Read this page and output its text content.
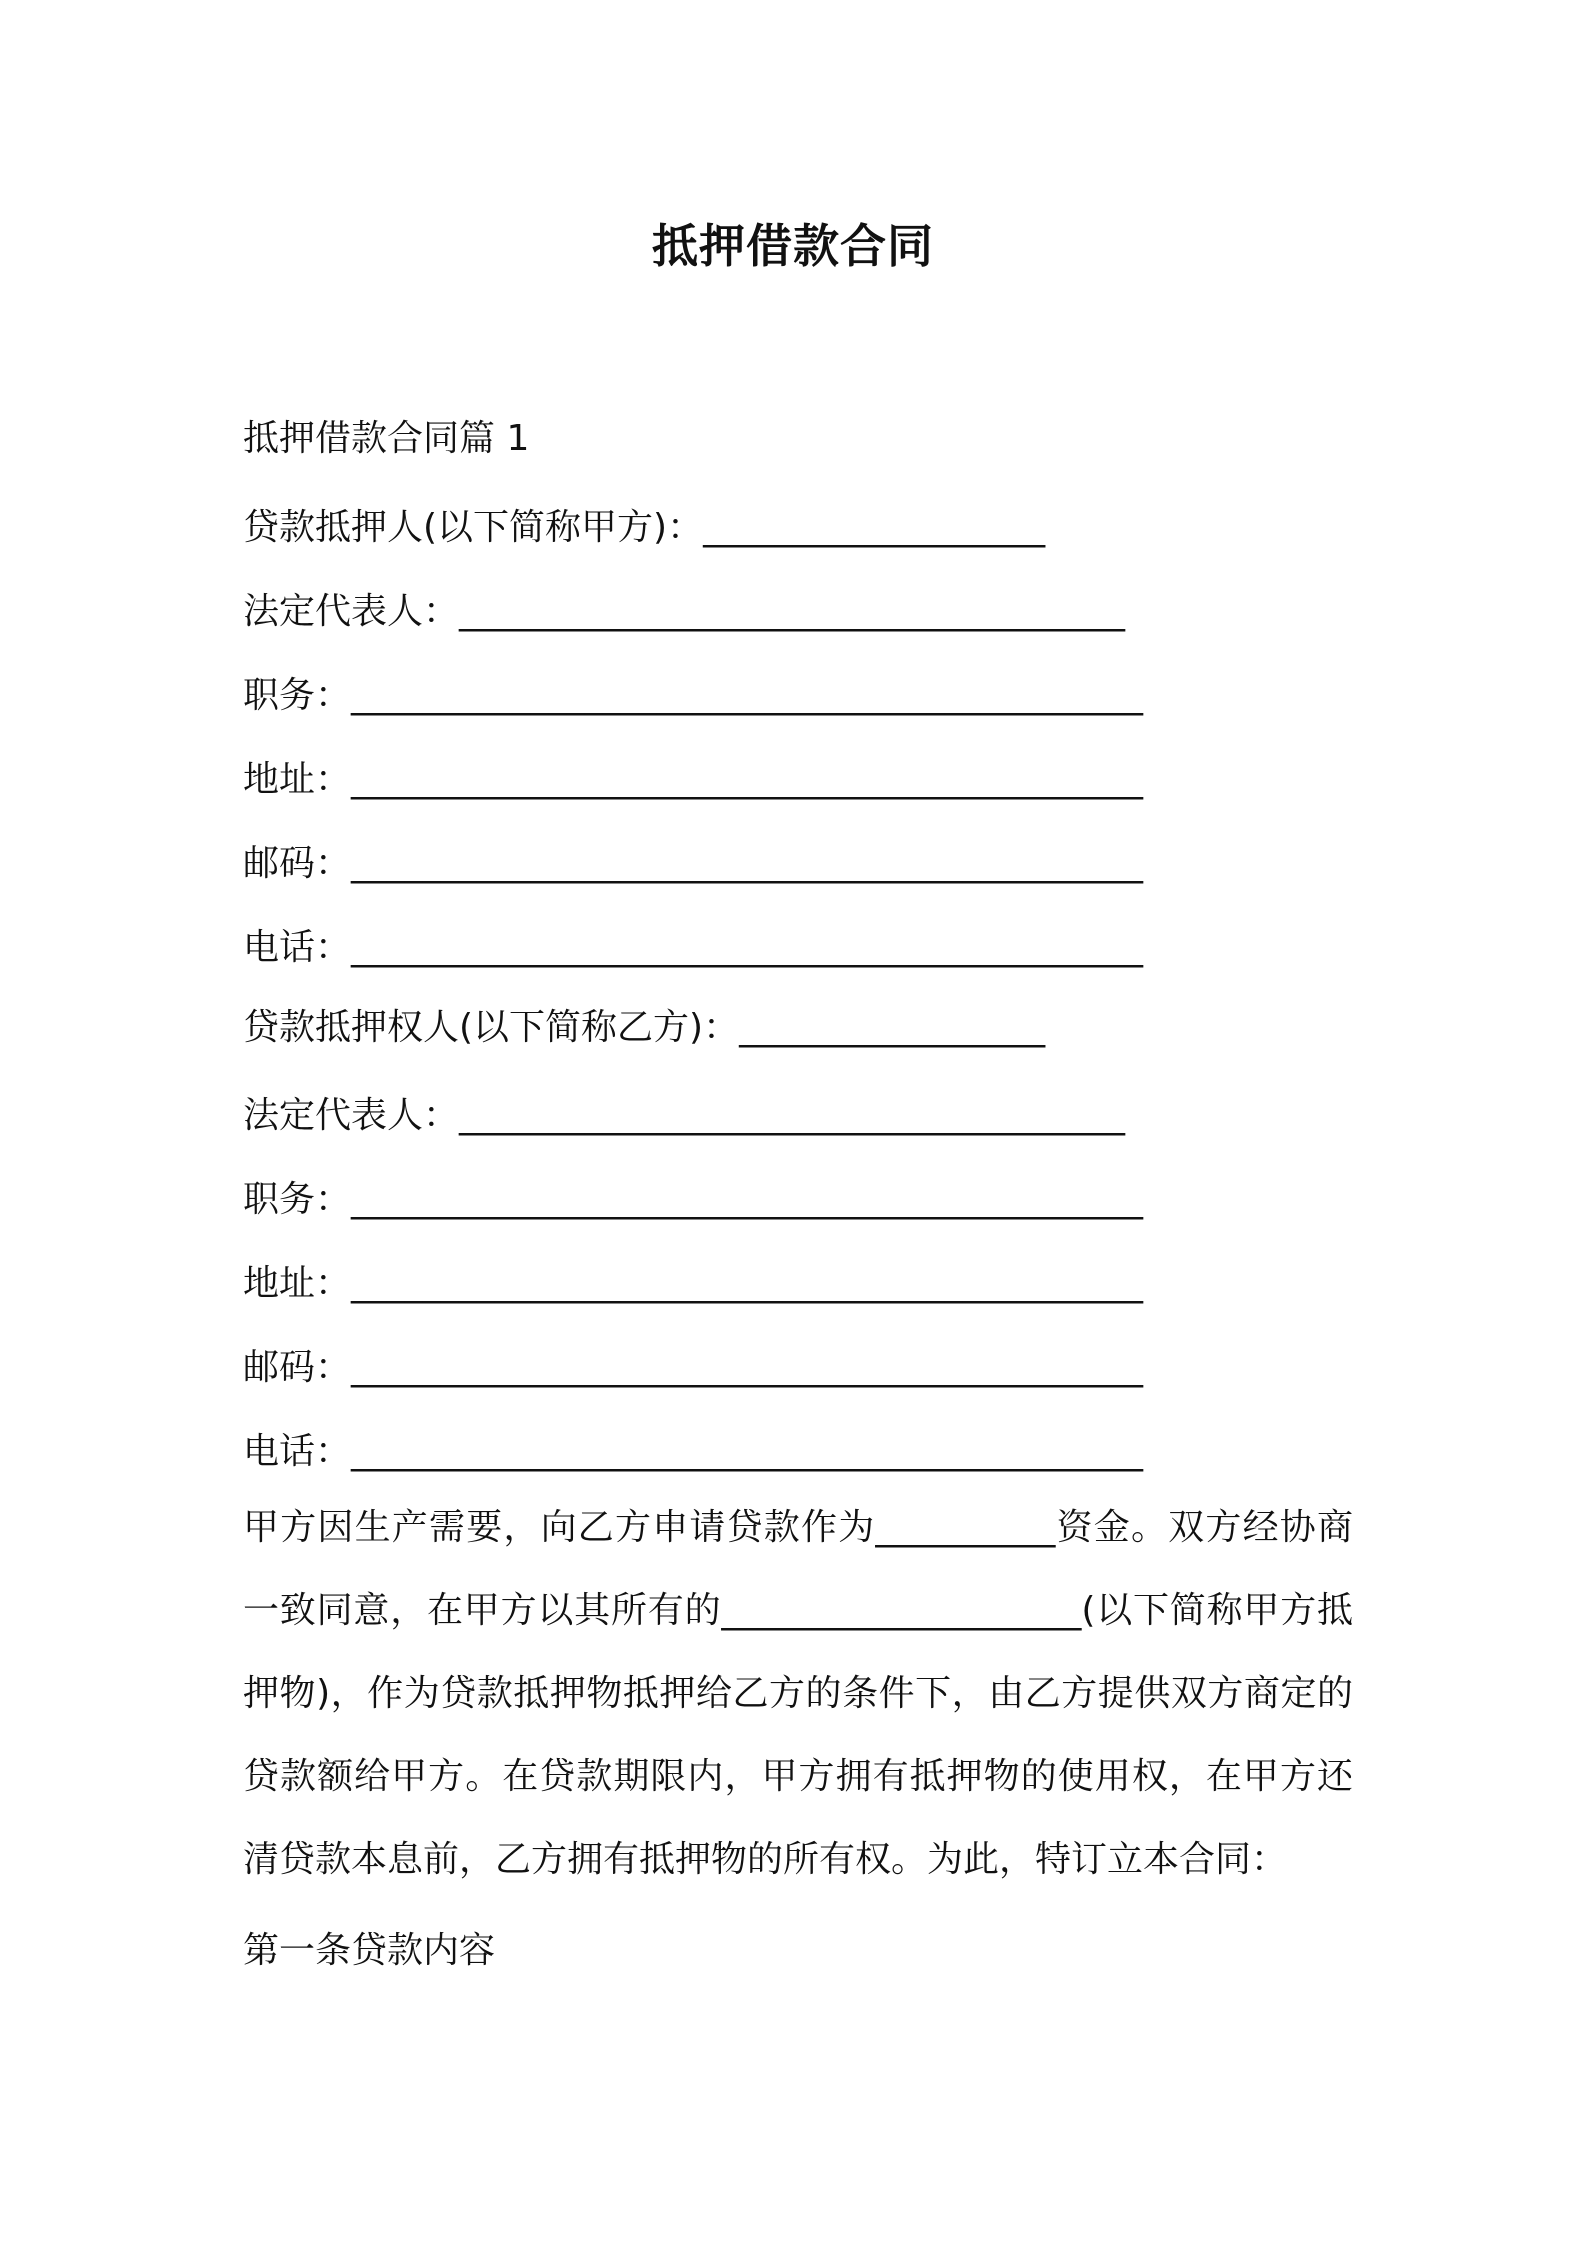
抵押借款合同
抵押借款合同篇 1
贷款抵押人(以下简称甲方)：___________________
法定代表人：_____________________________________
职务：____________________________________________
地址：____________________________________________
邮码：____________________________________________
电话：____________________________________________
贷款抵押权人(以下简称乙方)：_________________
法定代表人：_____________________________________
职务：____________________________________________
地址：____________________________________________
邮码：____________________________________________
电话：____________________________________________
甲方因生产需要，向乙方申请贷款作为__________资金。双方经协商一致同意，在甲方以其所有的____________________(以下简称甲方抵押物)，作为贷款抵押物抵押给乙方的条件下，由乙方提供双方商定的贷款额给甲方。在贷款期限内，甲方拥有抵押物的使用权，在甲方还清贷款本息前，乙方拥有抵押物的所有权。为此，特订立本合同：
第一条贷款内容
